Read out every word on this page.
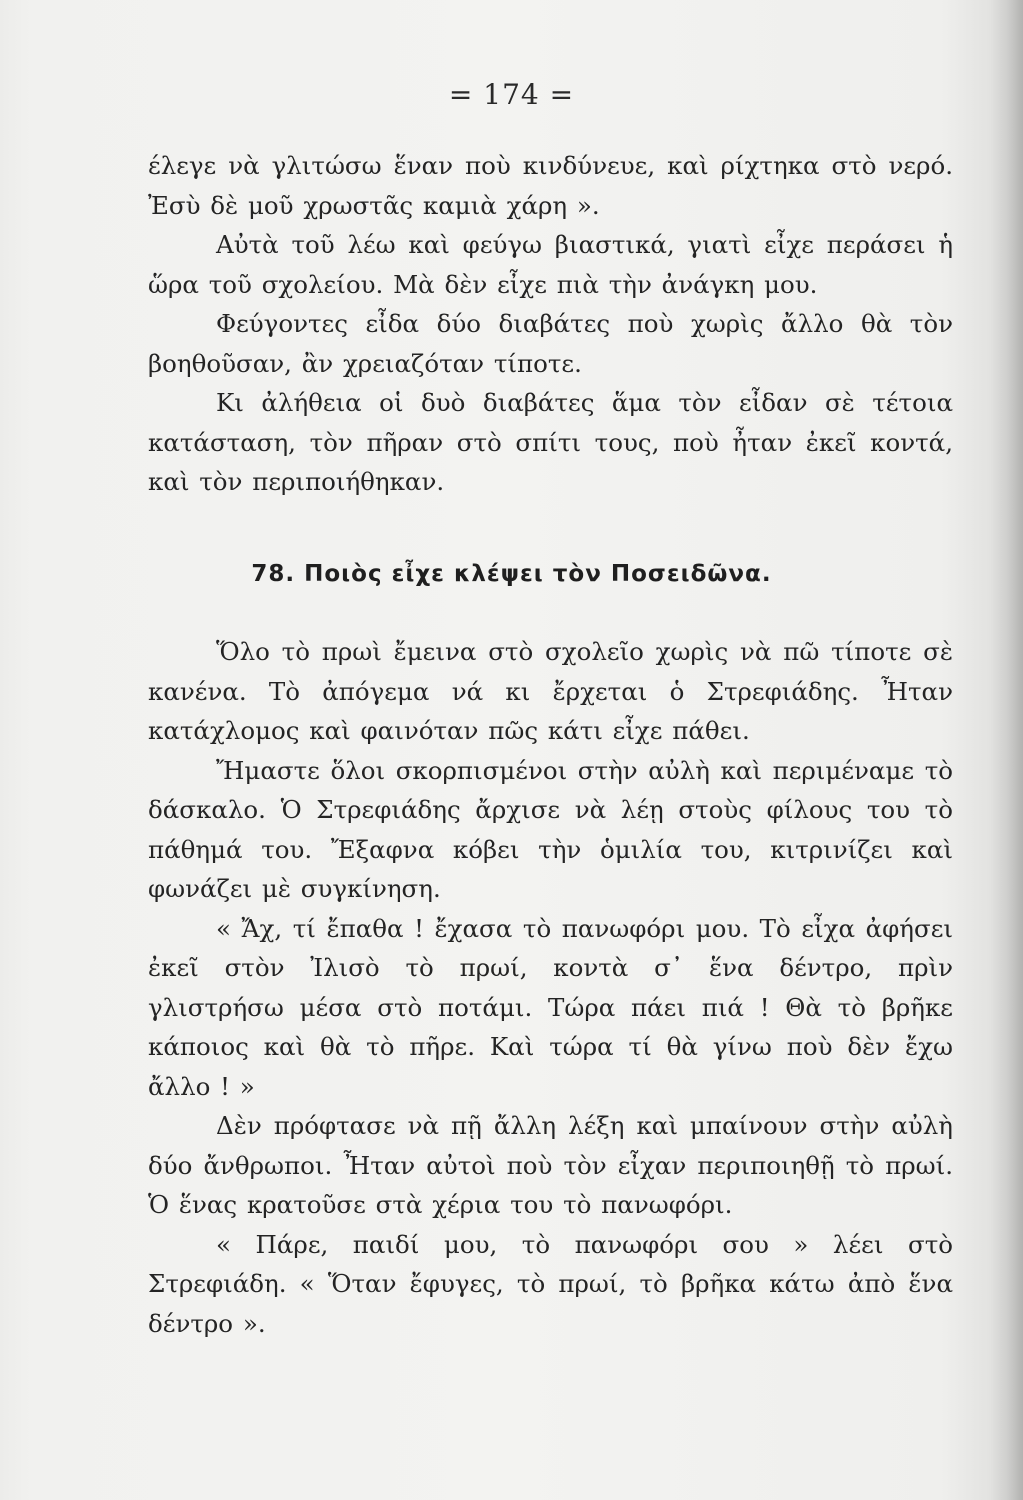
= 174 =

έλεγε νὰ γλιτώσω ἕναν ποὺ κινδύνευε, καὶ ρίχτηκα στὸ νερό. Ἐσὺ δὲ μοῦ χρωστᾶς καμιὰ χάρη ».

Αὐτὰ τοῦ λέω καὶ φεύγω βιαστικά, γιατὶ εἶχε περάσει ἡ ὥρα τοῦ σχολείου. Μὰ δὲν εἶχε πιὰ τὴν ἀνάγκη μου.

Φεύγοντες εἶδα δύο διαβάτες ποὺ χωρὶς ἄλλο θὰ τὸν βοηθοῦσαν, ἂν χρειαζόταν τίποτε.

Κι ἀλήθεια οἱ δυὸ διαβάτες ἅμα τὸν εἶδαν σὲ τέτοια κατάσταση, τὸν πῆραν στὸ σπίτι τους, ποὺ ἦταν ἐκεῖ κοντά, καὶ τὸν περιποιήθηκαν.

78. Ποιὸς εἶχε κλέψει τὸν Ποσειδῶνα.

Ὅλο τὸ πρωὶ ἔμεινα στὸ σχολεῖο χωρὶς νὰ πῶ τίποτε σὲ κανένα. Τὸ ἀπόγεμα νά κι ἔρχεται ὁ Στρεφιάδης. Ἦταν κατάχλομος καὶ φαινόταν πῶς κάτι εἶχε πάθει.

Ἤμαστε ὅλοι σκορπισμένοι στὴν αὐλὴ καὶ περιμέναμε τὸ δάσκαλο. Ὁ Στρεφιάδης ἄρχισε νὰ λέῃ στοὺς φίλους του τὸ πάθημά του. Ἔξαφνα κόβει τὴν ὁμιλία του, κιτρινίζει καὶ φωνάζει μὲ συγκίνηση.

« Ἄχ, τί ἔπαθα ! ἔχασα τὸ πανωφόρι μου. Τὸ εἶχα ἀφήσει ἐκεῖ στὸν Ἰλισὸ τὸ πρωί, κοντὰ σ᾽ ἕνα δέντρο, πρὶν γλιστρήσω μέσα στὸ ποτάμι. Τώρα πάει πιά ! Θὰ τὸ βρῆκε κάποιος καὶ θὰ τὸ πῆρε. Καὶ τώρα τί θὰ γίνω ποὺ δὲν ἔχω ἄλλο ! »

Δὲν πρόφτασε νὰ πῇ ἄλλη λέξη καὶ μπαίνουν στὴν αὐλὴ δύο ἄνθρωποι. Ἦταν αὐτοὶ ποὺ τὸν εἶχαν περιποιηθῇ τὸ πρωί. Ὁ ἕνας κρατοῦσε στὰ χέρια του τὸ πανωφόρι.

« Πάρε, παιδί μου, τὸ πανωφόρι σου » λέει στὸ Στρεφιάδη. « Ὅταν ἔφυγες, τὸ πρωί, τὸ βρῆκα κάτω ἀπὸ ἕνα δέντρο ».
